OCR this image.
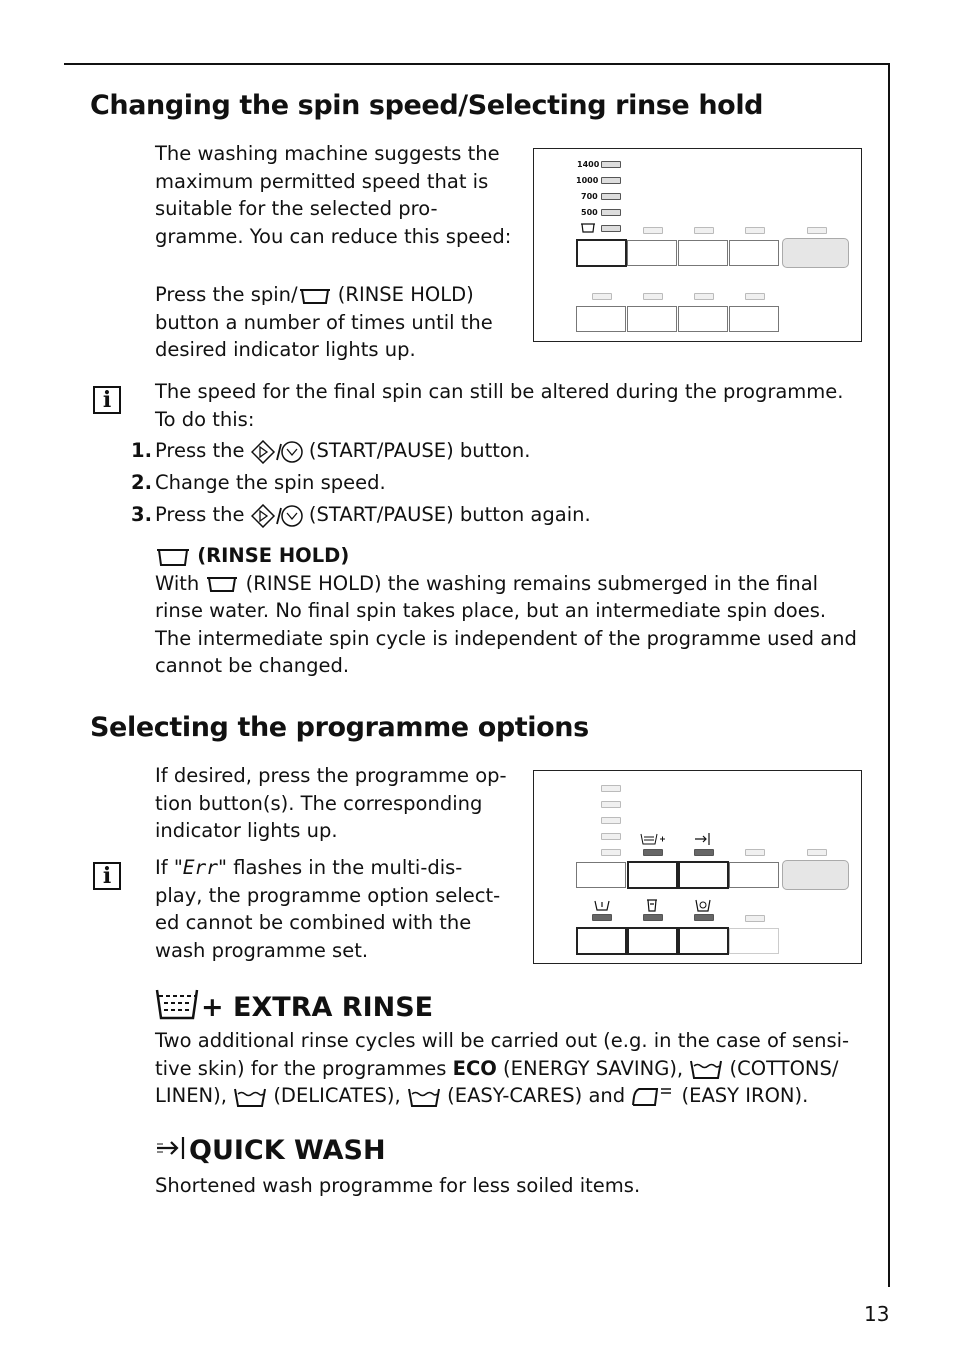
Changing the spin speed/Selecting rinse hold
The washing machine suggests the
maximum permitted speed that is
suitable for the selected pro-
gramme. You can reduce this speed:
Press the spin/ (RINSE HOLD)
button a number of times until the
desired indicator lights up.
1400
1000
700
500
i	The speed for the final spin can still be altered during the programme.
To do this:
1. Press the	(START/PAUSE) button.
2. Change the spin speed.
3. Press the	(START/PAUSE) button again.
(RINSE HOLD)
With  (RINSE HOLD) the washing remains submerged in the final
rinse water. No final spin takes place, but an intermediate spin does.
The intermediate spin cycle is independent of the programme used and
cannot be changed.
Selecting the programme options
If desired, press the programme op-
tion button(s). The corresponding
indicator lights up.
i	If "Err" flashes in the multi-dis-
play, the programme option select-
ed cannot be combined with the
wash programme set.
+ EXTRA RINSE
Two additional rinse cycles will be carried out (e.g. in the case of sensi-
tive skin) for the programmes ECO (ENERGY SAVING),  (COTTONS/
LINEN),  (DELICATES),  (EASY-CARES) and  (EASY IRON).
QUICK WASH
Shortened wash programme for less soiled items.
13
